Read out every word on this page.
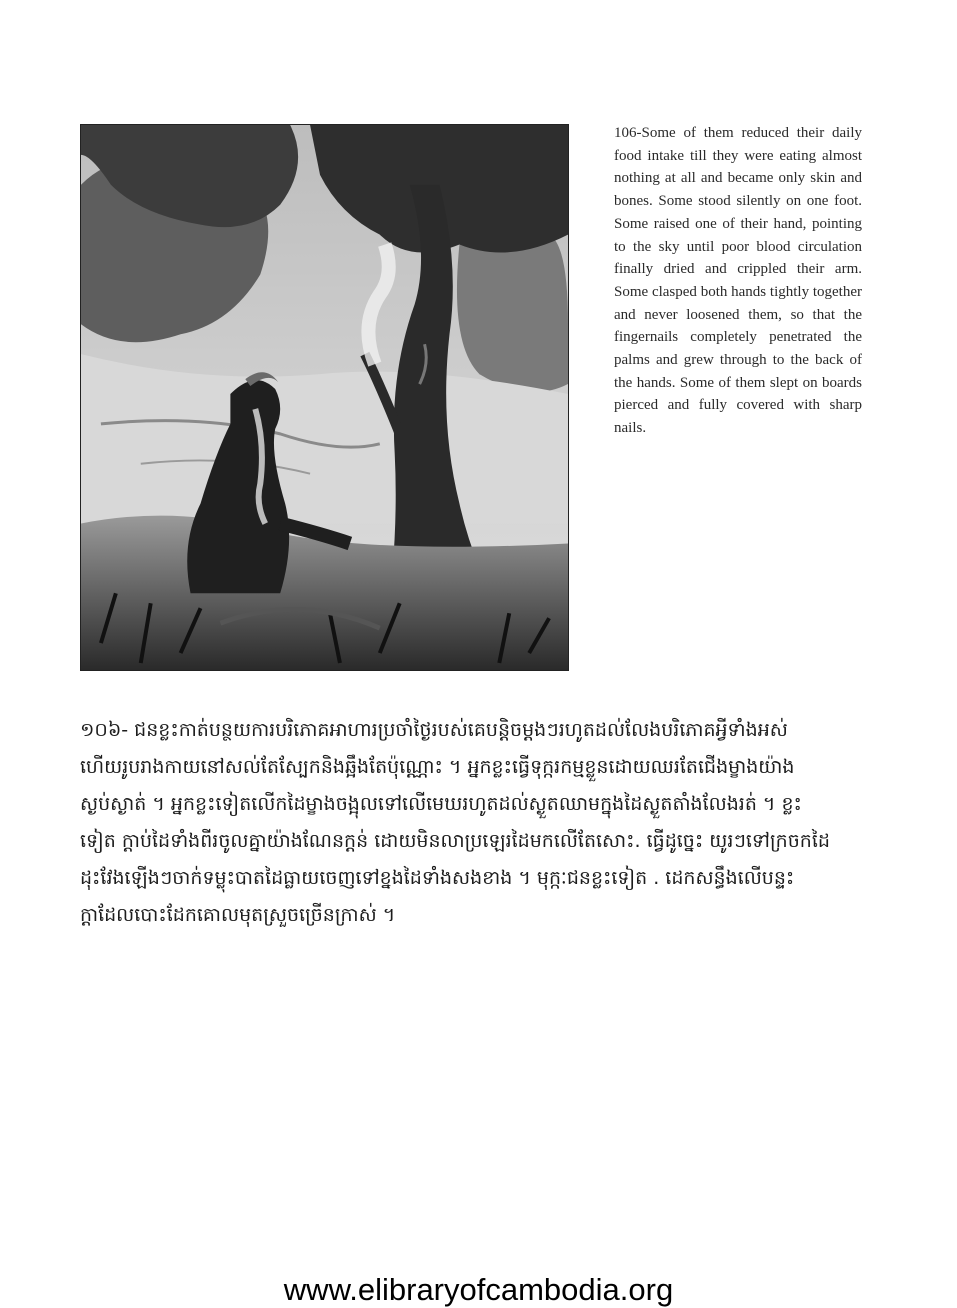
106-Some of them reduced their daily food intake till they were eating almost nothing at all and became only skin and bones. Some stood silently on one foot. Some raised one of their hand, pointing to the sky until poor blood circulation finally dried and crippled their arm. Some clasped both hands tightly together and never loosened them, so that the fingernails completely penetrated the palms and grew through to the back of the hands. Some of them slept on boards pierced and fully covered with sharp nails.
១០៦- ជនខ្លះកាត់បន្ថយការបរិភោគអាហារប្រចាំថ្ងៃរបស់គេបន្តិចម្តងៗរហូតដល់លែងបរិភោគអ្វីទាំងអស់
ហើយរូបរាងកាយនៅសល់តែស្បែកនិងឆ្អឹងតែប៉ុណ្ណោះ ។ អ្នកខ្លះធ្វើទុក្ករកម្មខ្លួនដោយឈរតែជើងម្ខាងយ៉ាង
ស្ងប់ស្ងាត់ ។ អ្នកខ្លះទៀតលើកដៃម្ខាងចង្អុលទៅលើមេឃរហូតដល់ស្ងួតឈាមក្នុងដៃស្ងួតតាំងលែងរត់ ។ ខ្លះ
ទៀត ក្តាប់ដៃទាំងពីរចូលគ្នាយ៉ាងណែនក្តន់ ដោយមិនលាប្រឡេរដៃមកលើតែសោះ. ធ្វើដូច្នេះ យូរៗទៅក្រចកដៃ
ដុះវែងឡើងៗចាក់ទម្លុះបាតដៃធ្លាយចេញទៅខ្នងដៃទាំងសងខាង ។ មុក្កៈជនខ្លះទៀត . ដេកសន្ធឹងលើបន្ទះ
ក្តាដែលបោះដែកគោលមុតស្រួចច្រើនក្រាស់ ។
www.elibraryofcambodia.org
